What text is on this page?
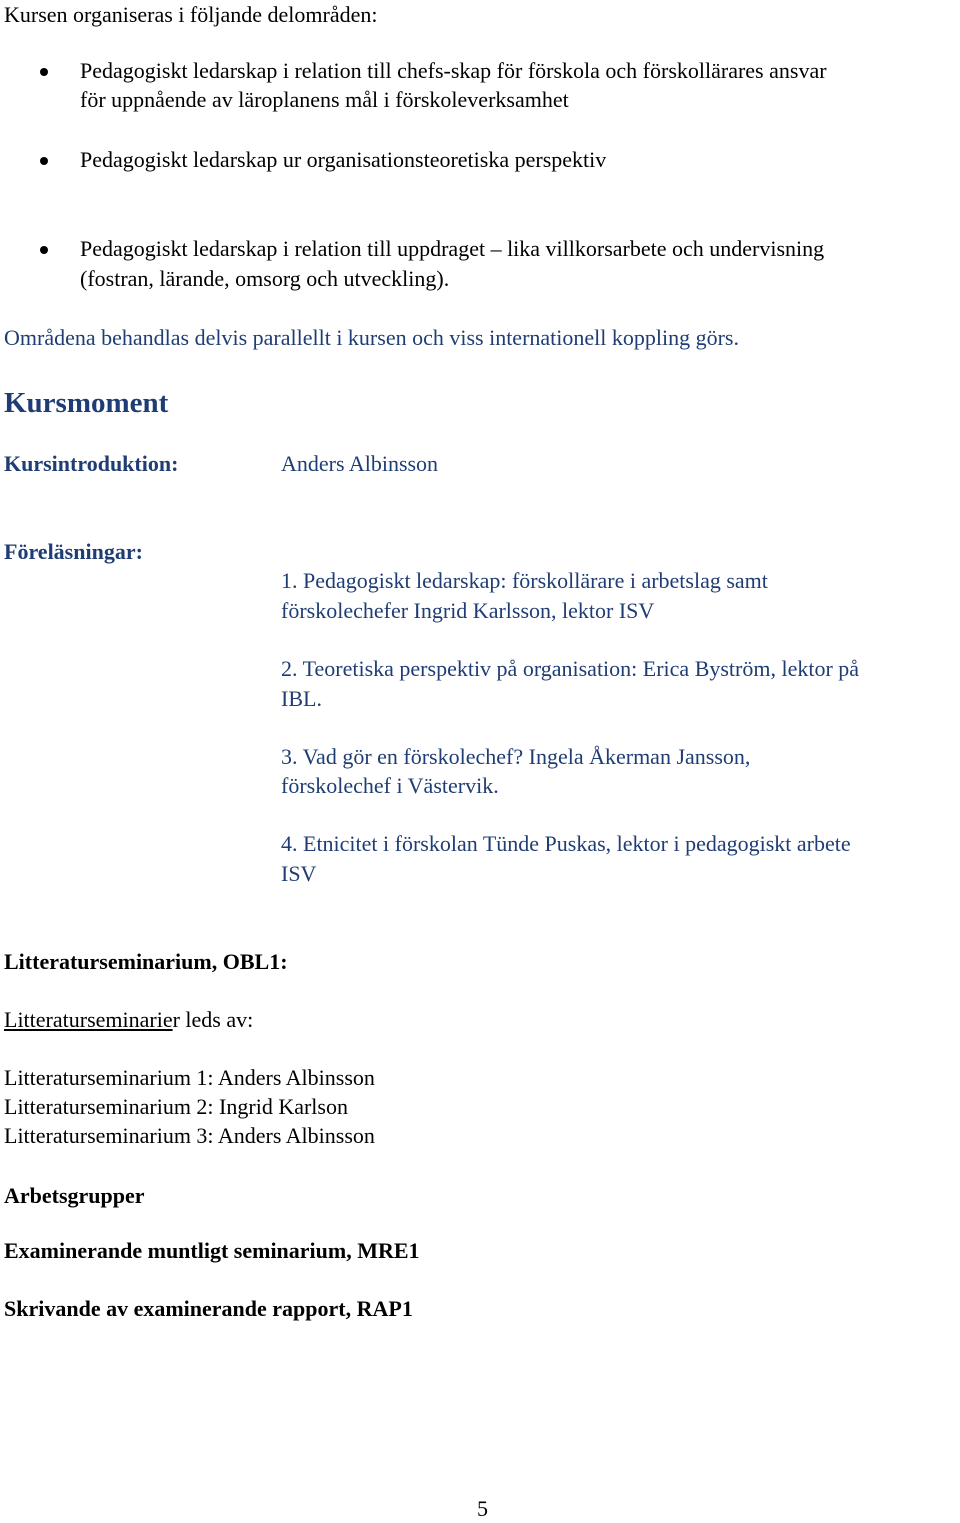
Kursen organiseras i följande delområden:
Pedagogiskt ledarskap i relation till chefs-skap för förskola och förskollärares ansvar
för uppnående av läroplanens mål i förskoleverksamhet
Pedagogiskt ledarskap ur organisationsteoretiska perspektiv
Pedagogiskt ledarskap i relation till uppdraget – lika villkorsarbete och undervisning
(fostran, lärande, omsorg och utveckling).
Områdena behandlas delvis parallellt i kursen och viss internationell koppling görs.
Kursmoment
Kursintroduktion:	Anders Albinsson
Föreläsningar:
1. Pedagogiskt ledarskap: förskollärare i arbetslag samt
förskolechefer Ingrid Karlsson, lektor ISV
2. Teoretiska perspektiv på organisation: Erica Byström, lektor på
IBL.
3. Vad gör en förskolechef? Ingela Åkerman Jansson,
förskolechef i Västervik.
4. Etnicitet i förskolan Tünde Puskas, lektor i pedagogiskt arbete
ISV
Litteraturseminarium, OBL1:
Litteraturseminarier leds av:
Litteraturseminarium 1: Anders Albinsson
Litteraturseminarium 2: Ingrid Karlson
Litteraturseminarium 3: Anders Albinsson
Arbetsgrupper
Examinerande muntligt seminarium, MRE1
Skrivande av examinerande rapport, RAP1
5
